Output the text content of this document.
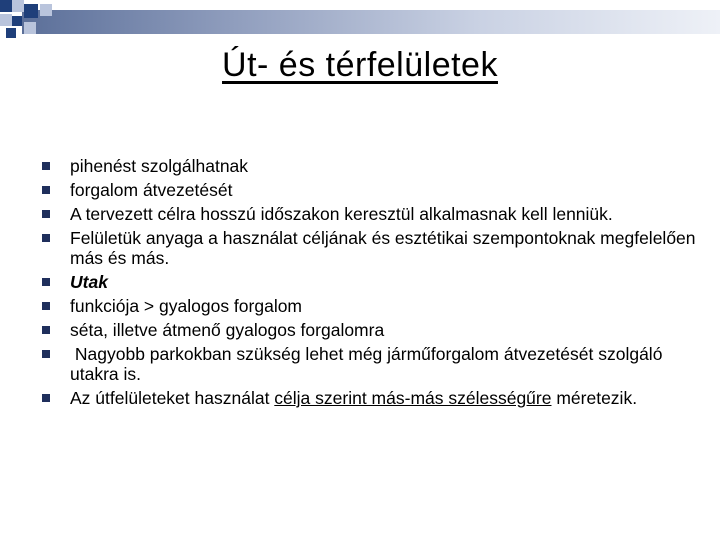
Út- és térfelületek
pihenést szolgálhatnak
forgalom átvezetését
A tervezett célra hosszú időszakon keresztül alkalmasnak kell lenniük.
Felületük anyaga a használat céljának és esztétikai szempontoknak megfelelően más és más.
Utak
funkciója > gyalogos forgalom
séta, illetve átmenő gyalogos forgalomra
Nagyobb parkokban szükség lehet még járműforgalom átvezetését szolgáló utakra is.
Az útfelületeket használat célja szerint más-más szélességűre méretezik.
